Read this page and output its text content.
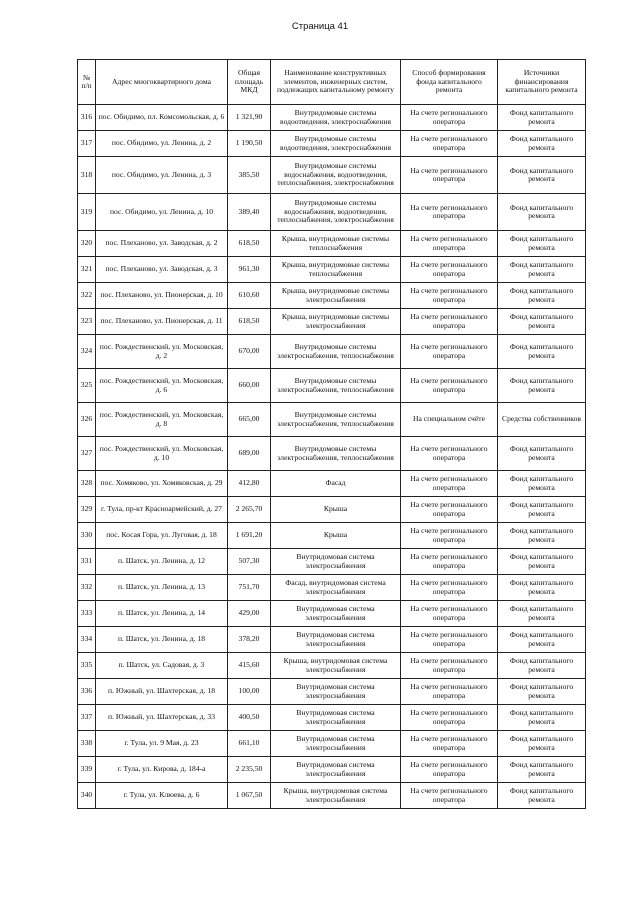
Страница 41
№ п/п	Адрес многоквартирного дома	Общая площадь МКД	Наименование конструктивных элементов, инженерных систем, подлежащих капитальному ремонту	Способ формирования фонда капитального ремонта	Источники финансирования капитального ремонта
316	пос. Обидимо, пл. Комсомольская, д. 6	1 321,90	Внутридомовые системы водоотведения, электроснабжения	На счете регионального оператора	Фонд капитального ремонта
317	пос. Обидимо, ул. Ленина, д. 2	1 190,50	Внутридомовые системы водоотведения, электроснабжения	На счете регионального оператора	Фонд капитального ремонта
318	пос. Обидимо, ул. Ленина, д. 3	385,50	Внутридомовые системы водоснабжения, водоотведения, теплоснабжения, электроснабжения	На счете регионального оператора	Фонд капитального ремонта
319	пос. Обидимо, ул. Ленина, д. 10	389,40	Внутридомовые системы водоснабжения, водоотведения, теплоснабжения, электроснабжения	На счете регионального оператора	Фонд капитального ремонта
320	пос. Плеханово, ул. Заводская, д. 2	618,50	Крыша, внутридомовые системы теплоснабжения	На счете регионального оператора	Фонд капитального ремонта
321	пос. Плеханово, ул. Заводская, д. 3	961,30	Крыша, внутридомовые системы теплоснабжения	На счете регионального оператора	Фонд капитального ремонта
322	пос. Плеханово, ул. Пионерская, д. 10	610,60	Крыша, внутридомовые системы электроснабжения	На счете регионального оператора	Фонд капитального ремонта
323	пос. Плеханово, ул. Пионерская, д. 11	618,50	Крыша, внутридомовые системы электроснабжения	На счете регионального оператора	Фонд капитального ремонта
324	пос. Рождественский, ул. Московская, д. 2	670,00	Внутридомовые системы электроснабжения, теплоснабжения	На счете регионального оператора	Фонд капитального ремонта
325	пос. Рождественский, ул. Московская, д. 6	660,00	Внутридомовые системы электроснабжения, теплоснабжения	На счете регионального оператора	Фонд капитального ремонта
326	пос. Рождественский, ул. Московская, д. 8	665,00	Внутридомовые системы электроснабжения, теплоснабжения	На специальном счёте	Средства собственников
327	пос. Рождественский, ул. Московская, д. 10	689,00	Внутридомовые системы электроснабжения, теплоснабжения	На счете регионального оператора	Фонд капитального ремонта
328	пос. Хомяково, ул. Хомяковская, д. 29	412,80	Фасад	На счете регионального оператора	Фонд капитального ремонта
329	г. Тула, пр-кт Красноармейский, д. 27	2 265,70	Крыша	На счете регионального оператора	Фонд капитального ремонта
330	пос. Косая Гора, ул. Луговая, д. 18	1 691,20	Крыша	На счете регионального оператора	Фонд капитального ремонта
331	п. Шатск, ул. Ленина, д. 12	507,30	Внутридомовая система электроснабжения	На счете регионального оператора	Фонд капитального ремонта
332	п. Шатск, ул. Ленина, д. 13	751,70	Фасад, внутридомовая система электроснабжения	На счете регионального оператора	Фонд капитального ремонта
333	п. Шатск, ул. Ленина, д. 14	429,00	Внутридомовая система электроснабжения	На счете регионального оператора	Фонд капитального ремонта
334	п. Шатск, ул. Ленина, д. 18	378,20	Внутридомовая система электроснабжения	На счете регионального оператора	Фонд капитального ремонта
335	п. Шатск, ул. Садовая, д. 3	415,60	Крыша, внутридомовая система электроснабжения	На счете регионального оператора	Фонд капитального ремонта
336	п. Южный, ул. Шахтерская, д. 18	100,00	Внутридомовая система электроснабжения	На счете регионального оператора	Фонд капитального ремонта
337	п. Южный, ул. Шахтерская, д. 33	400,50	Внутридомовая система электроснабжения	На счете регионального оператора	Фонд капитального ремонта
338	г. Тула, ул. 9 Мая, д. 23	661,10	Внутридомовая система электроснабжения	На счете регионального оператора	Фонд капитального ремонта
339	г. Тула, ул. Кирова, д. 184-а	2 235,50	Внутридомовая система электроснабжения	На счете регионального оператора	Фонд капитального ремонта
340	г. Тула, ул. Клюева, д. 6	1 067,50	Крыша, внутридомовая система электроснабжения	На счете регионального оператора	Фонд капитального ремонта
